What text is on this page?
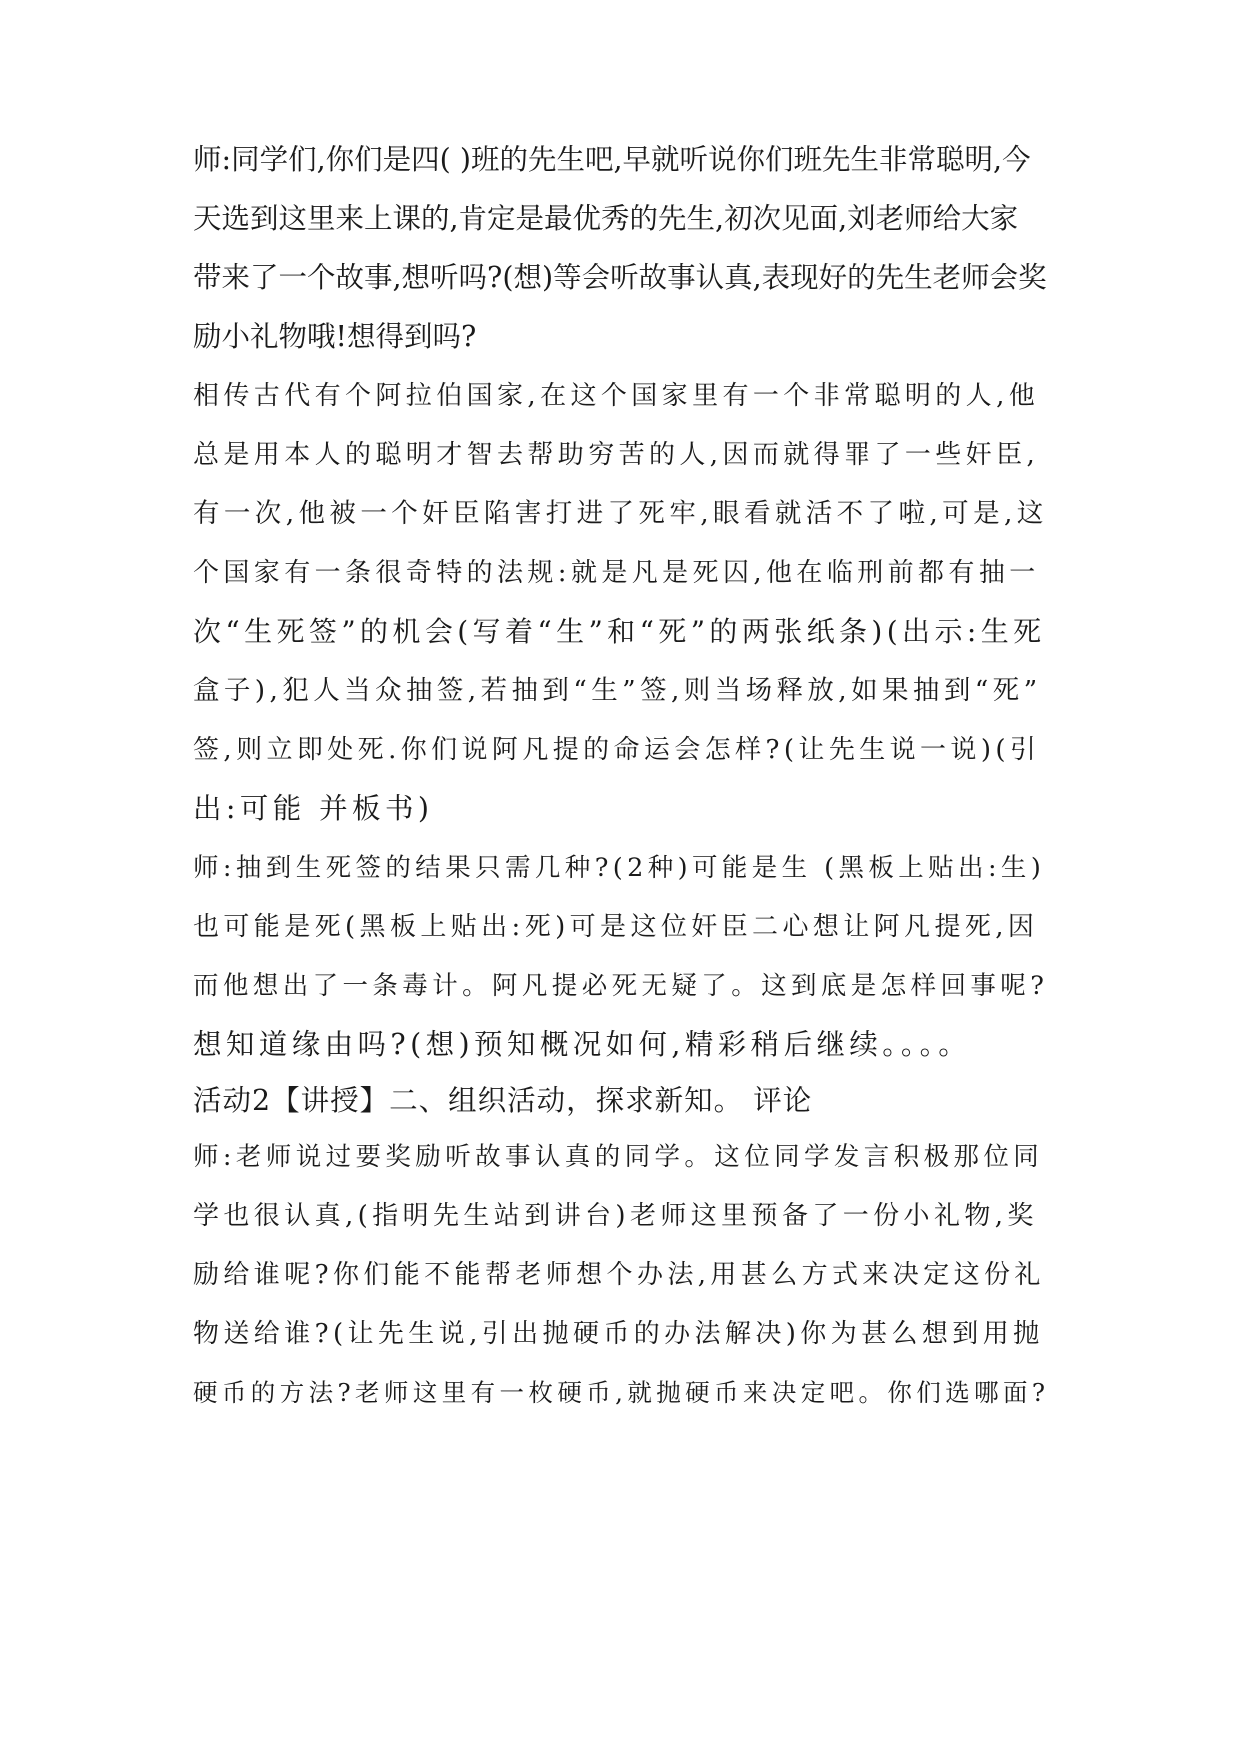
师:同学们,你们是四( )班的先生吧,早就听说你们班先生非常聪明,今
天选到这里来上课的,肯定是最优秀的先生,初次见面,刘老师给大家
带来了一个故事,想听吗?(想)等会听故事认真,表现好的先生老师会奖
励小礼物哦!想得到吗?
相传古代有个阿拉伯国家,在这个国家里有一个非常聪明的人,他
总是用本人的聪明才智去帮助穷苦的人,因而就得罪了一些奸臣,
有一次,他被一个奸臣陷害打进了死牢,眼看就活不了啦,可是,这
个国家有一条很奇特的法规:就是凡是死囚,他在临刑前都有抽一
次“生死签”的机会(写着“生”和“死”的两张纸条)(出示:生死
盒子),犯人当众抽签,若抽到“生”签,则当场释放,如果抽到“死”
签,则立即处死.你们说阿凡提的命运会怎样?(让先生说一说)(引
出:可能 并板书)
师:抽到生死签的结果只需几种?(2种)可能是生 (黑板上贴出:生)
也可能是死(黑板上贴出:死)可是这位奸臣二心想让阿凡提死,因
而他想出了一条毒计。阿凡提必死无疑了。这到底是怎样回事呢?
想知道缘由吗?(想)预知概况如何,精彩稍后继续。。。。
活动2【讲授】二、组织活动，探求新知。 评论
师:老师说过要奖励听故事认真的同学。这位同学发言积极那位同
学也很认真,(指明先生站到讲台)老师这里预备了一份小礼物,奖
励给谁呢?你们能不能帮老师想个办法,用甚么方式来决定这份礼
物送给谁?(让先生说,引出抛硬币的办法解决)你为甚么想到用抛
硬币的方法?老师这里有一枚硬币,就抛硬币来决定吧。你们选哪面?
